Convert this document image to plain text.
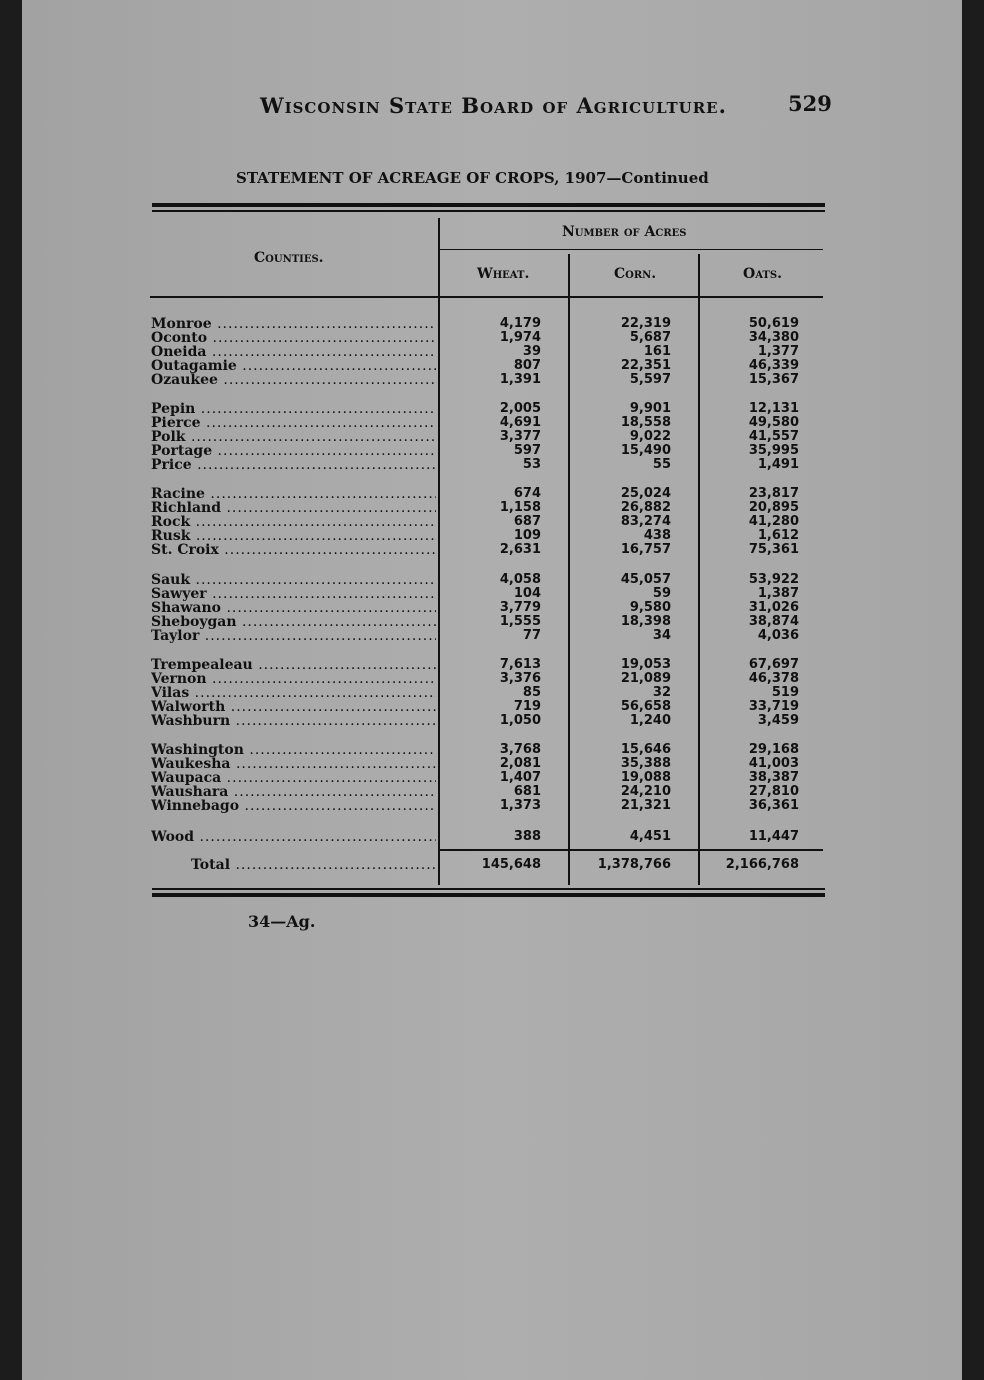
Wisconsin State Board of Agriculture.	529
STATEMENT OF ACREAGE OF CROPS, 1907—Continued
Counties.
Number of Acres
Wheat.	Corn.	Oats.
Monroe .....	4,179	22,319	50,619
Oconto .....	1,974	5,687	34,380
Oneida .....	39	161	1,377
Outagamie .....	807	22,351	46,339
Ozaukee .....	1,391	5,597	15,367
Pepin .....	2,005	9,901	12,131
Pierce .....	4,691	18,558	49,580
Polk .....	3,377	9,022	41,557
Portage .....	597	15,490	35,995
Price .....	53	55	1,491
Racine .....	674	25,024	23,817
Richland .....	1,158	26,882	20,895
Rock .....	687	83,274	41,280
Rusk .....	109	438	1,612
St. Croix .....	2,631	16,757	75,361
Sauk .....	4,058	45,057	53,922
Sawyer .....	104	59	1,387
Shawano .....	3,779	9,580	31,026
Sheboygan .....	1,555	18,398	38,874
Taylor .....	77	34	4,036
Trempealeau .....	7,613	19,053	67,697
Vernon .....	3,376	21,089	46,378
Vilas .....	85	32	519
Walworth .....	719	56,658	33,719
Washburn .....	1,050	1,240	3,459
Washington .....	3,768	15,646	29,168
Waukesha .....	2,081	35,388	41,003
Waupaca .....	1,407	19,088	38,387
Waushara .....	681	24,210	27,810
Winnebago .....	1,373	21,321	36,361
Wood .....	388	4,451	11,447
Total .....	145,648	1,378,766	2,166,768
34—Ag.
